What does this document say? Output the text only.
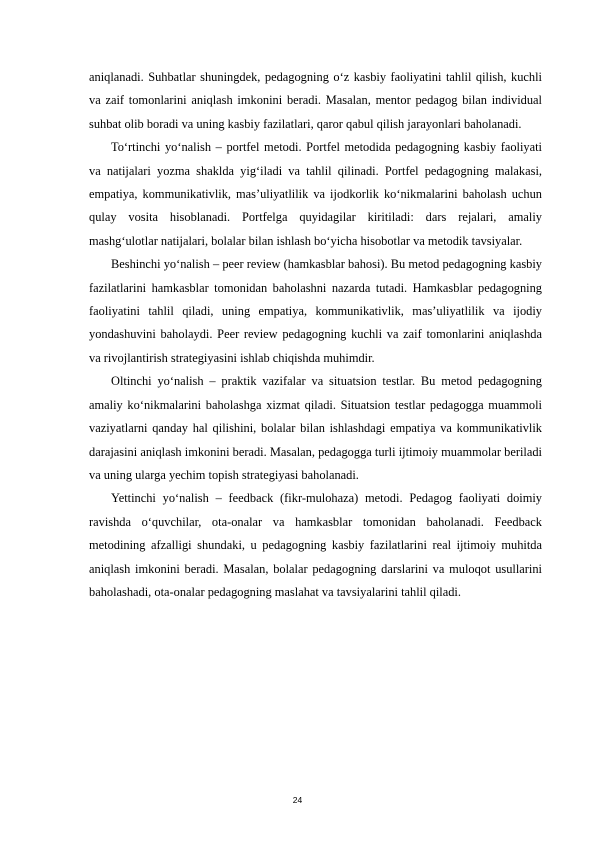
aniqlanadi. Suhbatlar shuningdek, pedagogning o‘z kasbiy faoliyatini tahlil qilish, kuchli va zaif tomonlarini aniqlash imkonini beradi. Masalan, mentor pedagog bilan individual suhbat olib boradi va uning kasbiy fazilatlari, qaror qabul qilish jarayonlari baholanadi.

To‘rtinchi yo‘nalish – portfel metodi. Portfel metodida pedagogning kasbiy faoliyati va natijalari yozma shaklda yig‘iladi va tahlil qilinadi. Portfel pedagogning malakasi, empatiya, kommunikativlik, mas’uliyatlilik va ijodkorlik ko‘nikmalarini baholash uchun qulay vosita hisoblanadi. Portfelga quyidagilar kiritiladi: dars rejalari, amaliy mashg‘ulotlar natijalari, bolalar bilan ishlash bo‘yicha hisobotlar va metodik tavsiyalar.

Beshinchi yo‘nalish – peer review (hamkasblar bahosi). Bu metod pedagogning kasbiy fazilatlarini hamkasblar tomonidan baholashni nazarda tutadi. Hamkasblar pedagogning faoliyatini tahlil qiladi, uning empatiya, kommunikativlik, mas’uliyatlilik va ijodiy yondashuvini baholaydi. Peer review pedagogning kuchli va zaif tomonlarini aniqlashda va rivojlantirish strategiyasini ishlab chiqishda muhimdir.

Oltinchi yo‘nalish – praktik vazifalar va situatsion testlar. Bu metod pedagogning amaliy ko‘nikmalarini baholashga xizmat qiladi. Situatsion testlar pedagogga muammoli vaziyatlarni qanday hal qilishini, bolalar bilan ishlashdagi empatiya va kommunikativlik darajasini aniqlash imkonini beradi. Masalan, pedagogga turli ijtimoiy muammolar beriladi va uning ularga yechim topish strategiyasi baholanadi.

Yettinchi yo‘nalish – feedback (fikr-mulohaza) metodi. Pedagog faoliyati doimiy ravishda o‘quvchilar, ota-onalar va hamkasblar tomonidan baholanadi. Feedback metodining afzalligi shundaki, u pedagogning kasbiy fazilatlarini real ijtimoiy muhitda aniqlash imkonini beradi. Masalan, bolalar pedagogning darslarini va muloqot usullarini baholashadi, ota-onalar pedagogning maslahat va tavsiyalarini tahlil qiladi.

24
